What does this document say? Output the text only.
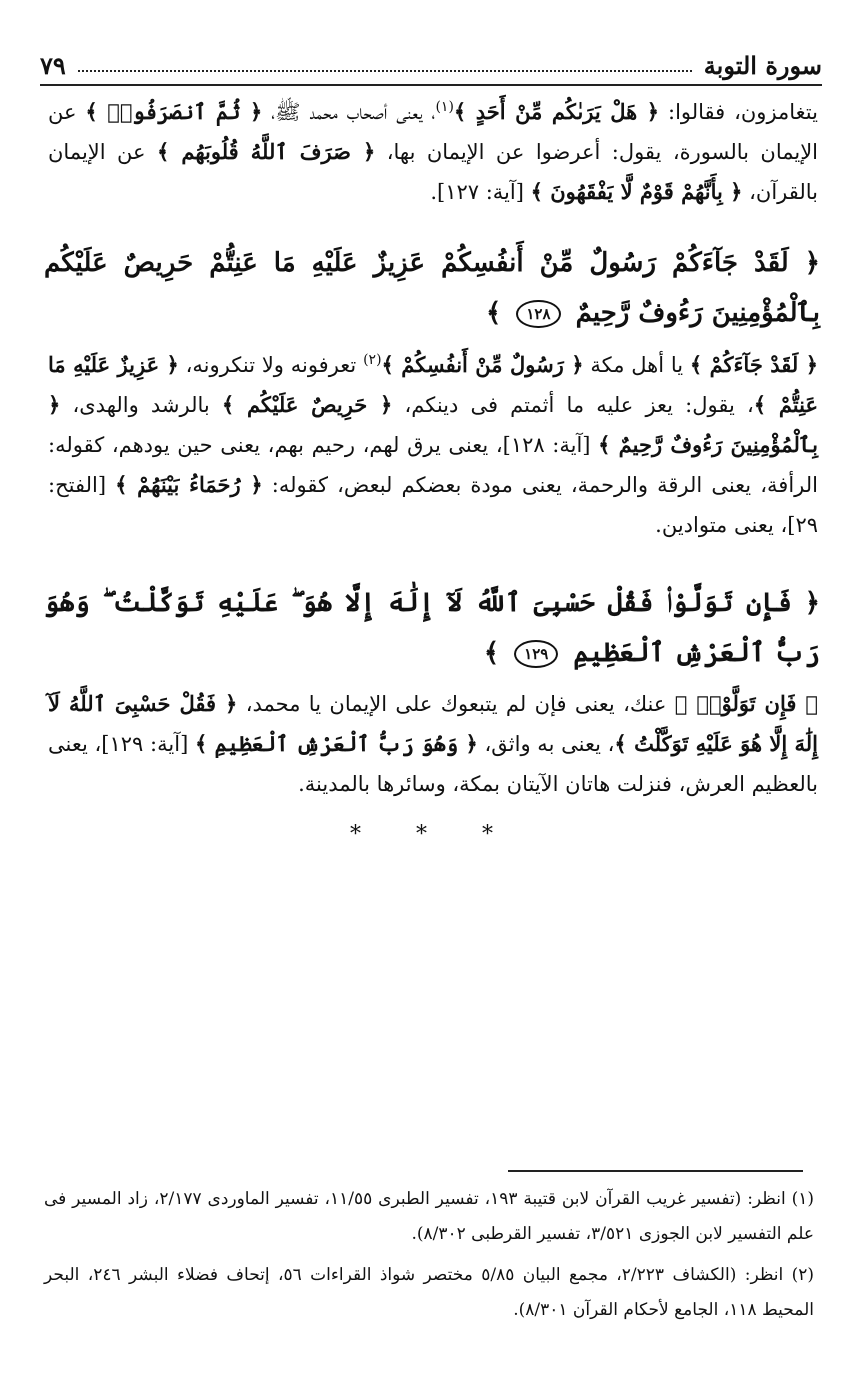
٧٩	سورة التوبة

يتغامزون، فقالوا: ﴿ هَلْ يَرَىٰكُم مِّنْ أَحَدٍ ﴾$^{(١)}$، يعنى أصحاب محمد ﷺ، ﴿ ثُمَّ ٱنصَرَفُوا۟ ﴾ عن الإيمان بالسورة، يقول: أعرضوا عن الإيمان بها، ﴿ صَرَفَ ٱللَّهُ قُلُوبَهُم ﴾ عن الإيمان بالقرآن، ﴿ بِأَنَّهُمْ قَوْمٌ لَّا يَفْقَهُونَ ﴾ [آية: ١٢٧].

﴿ لَقَدْ جَآءَكُمْ رَسُولٌ مِّنْ أَنفُسِكُمْ عَزِيزٌ عَلَيْهِ مَا عَنِتُّمْ حَرِيصٌ عَلَيْكُم بِٱلْمُؤْمِنِينَ رَءُوفٌ رَّحِيمٌ ١٢٨ ﴾

﴿ لَقَدْ جَآءَكُمْ ﴾ يا أهل مكة ﴿ رَسُولٌ مِّنْ أَنفُسِكُمْ ﴾$^{(٢)}$ تعرفونه ولا تنكرونه، ﴿ عَزِيزٌ عَلَيْهِ مَا عَنِتُّمْ ﴾، يقول: يعز عليه ما أثمتم فى دينكم، ﴿ حَرِيصٌ عَلَيْكُم ﴾ بالرشد والهدى، ﴿ بِٱلْمُؤْمِنِينَ رَءُوفٌ رَّحِيمٌ ﴾ [آية: ١٢٨]، يعنى يرق لهم، رحيم بهم، يعنى حين يودهم، كقوله: الرأفة، يعنى الرقة والرحمة، يعنى مودة بعضكم لبعض، كقوله: ﴿ رُحَمَاءُ بَيْنَهُمْ ﴾ [الفتح: ٢٩]، يعنى متوادين.

﴿ فَإِن تَوَلَّوْا۟ فَقُلْ حَسْبِىَ ٱللَّهُ لَآ إِلَٰهَ إِلَّا هُوَ ۖ عَلَيْهِ تَوَكَّلْتُ ۖ وَهُوَ رَبُّ ٱلْعَرْشِ ٱلْعَظِيمِ ١٢٩ ﴾

﴿ فَإِن تَوَلَّوْا۟ ﴾ عنك، يعنى فإن لم يتبعوك على الإيمان يا محمد، ﴿ فَقُلْ حَسْبِىَ ٱللَّهُ لَآ إِلَٰهَ إِلَّا هُوَ عَلَيْهِ تَوَكَّلْتُ ﴾، يعنى به واثق، ﴿ وَهُوَ رَبُّ ٱلْعَرْشِ ٱلْعَظِيمِ ﴾ [آية: ١٢٩]، يعنى بالعظيم العرش، فنزلت هاتان الآيتان بمكة، وسائرها بالمدينة.

* * *

(١) انظر: (تفسير غريب القرآن لابن قتيبة ١٩٣، تفسير الطبرى ١١/٥٥، تفسير الماوردى ٢/١٧٧، زاد المسير فى علم التفسير لابن الجوزى ٣/٥٢١، تفسير القرطبى ٨/٣٠٢).

(٢) انظر: (الكشاف ٢/٢٢٣، مجمع البيان ٥/٨٥ مختصر شواذ القراءات ٥٦، إتحاف فضلاء البشر ٢٤٦، البحر المحيط ١١٨، الجامع لأحكام القرآن ٨/٣٠١).
